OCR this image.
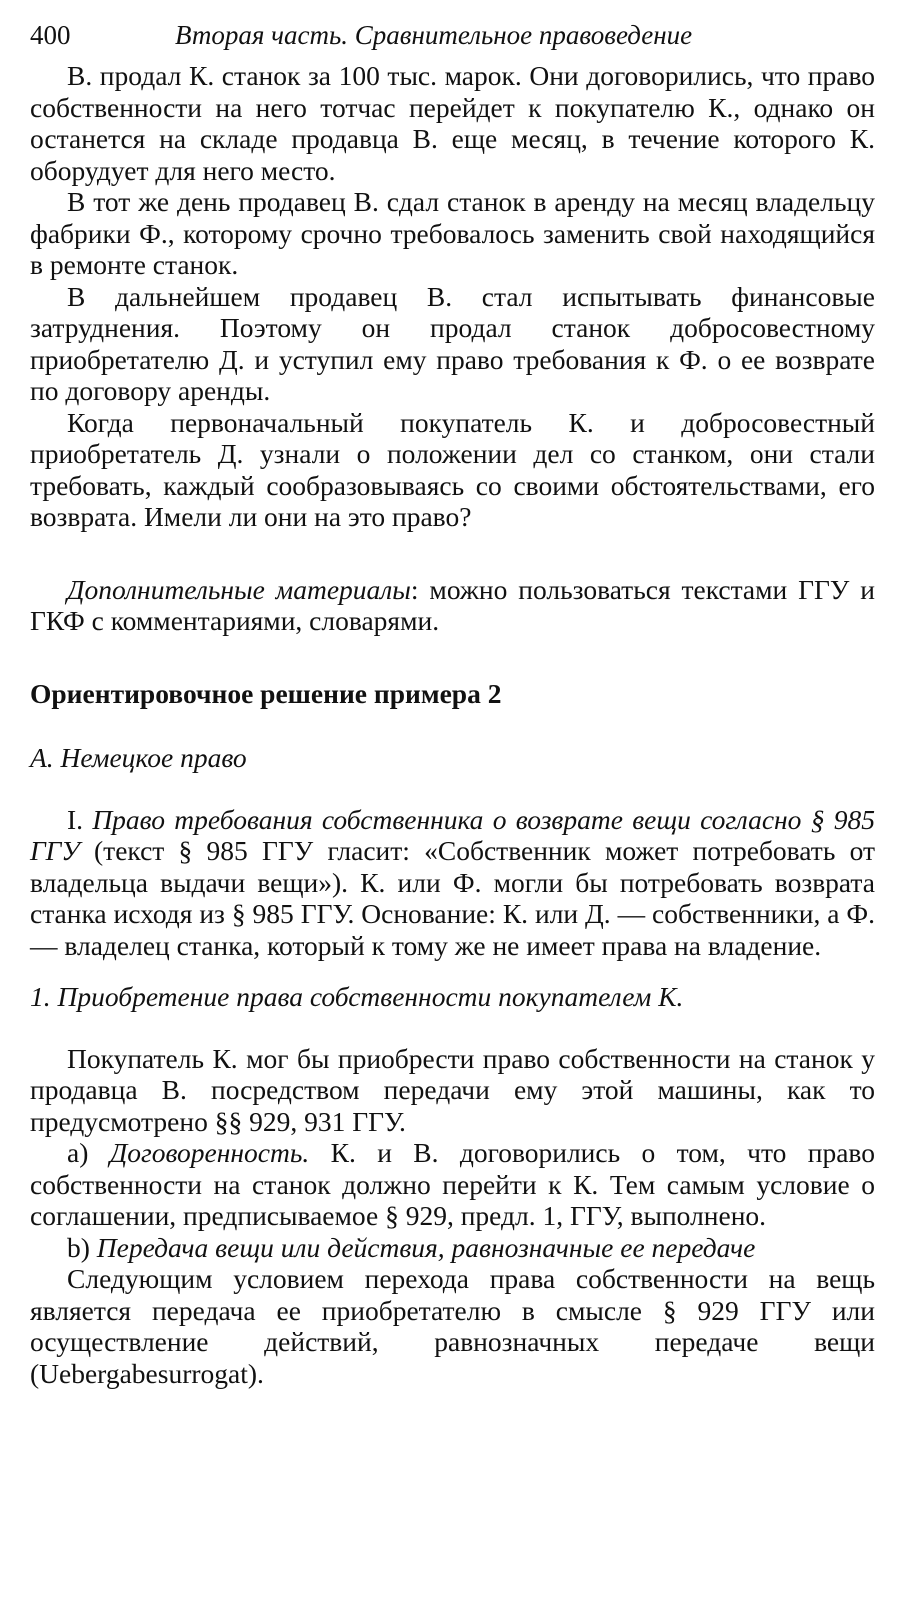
400	Вторая часть. Сравнительное правоведение

В. продал К. станок за 100 тыс. марок. Они договорились, что право собственности на него тотчас перейдет к покупателю К., однако он останется на складе продавца В. еще месяц, в течение которого К. оборудует для него место.

В тот же день продавец В. сдал станок в аренду на месяц владельцу фабрики Ф., которому срочно требовалось заменить свой находящийся в ремонте станок.

В дальнейшем продавец В. стал испытывать финансовые затруднения. Поэтому он продал станок добросовестному приобретателю Д. и уступил ему право требования к Ф. о ее возврате по договору аренды.

Когда первоначальный покупатель К. и добросовестный приобретатель Д. узнали о положении дел со станком, они стали требовать, каждый сообразовываясь со своими обстоятельствами, его возврата. Имели ли они на это право?

Дополнительные материалы: можно пользоваться текстами ГГУ и ГКФ с комментариями, словарями.

Ориентировочное решение примера 2

А. Немецкое право

I. Право требования собственника о возврате вещи согласно § 985 ГГУ (текст § 985 ГГУ гласит: «Собственник может потребовать от владельца выдачи вещи»). К. или Ф. могли бы потребовать возврата станка исходя из § 985 ГГУ. Основание: К. или Д. — собственники, а Ф. — владелец станка, который к тому же не имеет права на владение.

1. Приобретение права собственности покупателем К.

Покупатель К. мог бы приобрести право собственности на станок у продавца В. посредством передачи ему этой машины, как то предусмотрено §§ 929, 931 ГГУ.

а) Договоренность. К. и В. договорились о том, что право собственности на станок должно перейти к К. Тем самым условие о соглашении, предписываемое § 929, предл. 1, ГГУ, выполнено.

b) Передача вещи или действия, равнозначные ее передаче

Следующим условием перехода права собственности на вещь является передача ее приобретателю в смысле § 929 ГГУ или осуществление действий, равнозначных передаче вещи (Uebergabesurrogat).
